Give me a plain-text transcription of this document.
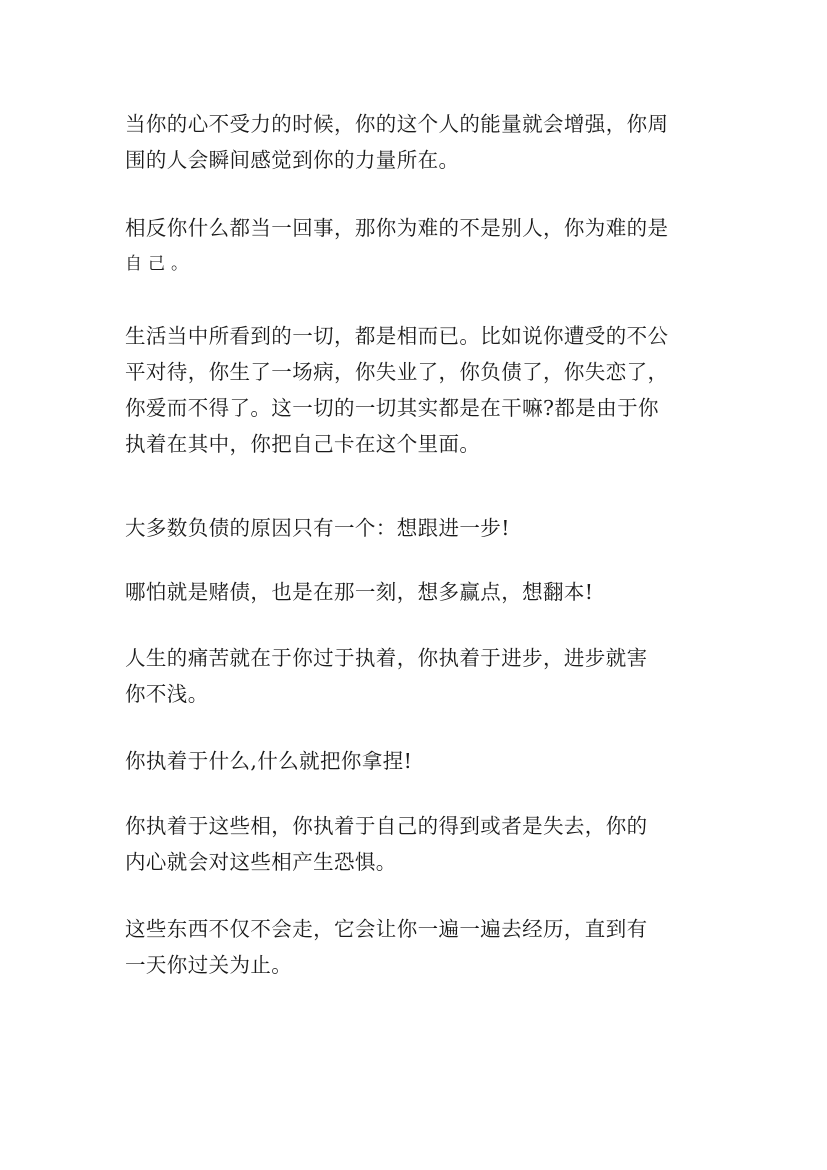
当你的心不受力的时候，你的这个人的能量就会增强，你周
围的人会瞬间感觉到你的力量所在。
相反你什么都当一回事，那你为难的不是别人，你为难的是
自己。
生活当中所看到的一切，都是相而已。比如说你遭受的不公
平对待，你生了一场病，你失业了，你负债了，你失恋了，
你爱而不得了。这一切的一切其实都是在干嘛?都是由于你
执着在其中，你把自己卡在这个里面。
大多数负债的原因只有一个：想跟进一步!
哪怕就是赌债，也是在那一刻，想多赢点，想翻本!
人生的痛苦就在于你过于执着，你执着于进步，进步就害
你不浅。
你执着于什么,什么就把你拿捏!
你执着于这些相，你执着于自己的得到或者是失去，你的
内心就会对这些相产生恐惧。
这些东西不仅不会走，它会让你一遍一遍去经历，直到有
一天你过关为止。
